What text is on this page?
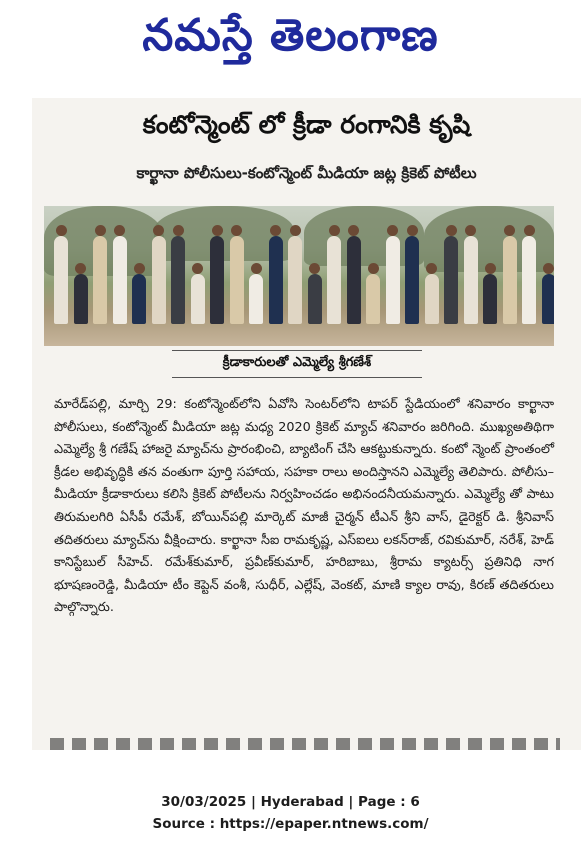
నమస్తే తెలంగాణ
కంటోన్మెంట్ లో క్రీడా రంగానికి కృషి
కార్ఖానా పోలీసులు-కంటోన్మెంట్ మీడియా జట్ల క్రికెట్ పోటీలు
క్రీడాకారులతో ఎమ్మెల్యే శ్రీగణేశ్
మారేడ్‌పల్లి, మార్చి 29: కంటోన్మెంట్‌లోని ఏవోసి సెంటర్‌లోని టాపర్ స్టేడియంలో శనివారం కార్ఖానా పోలీసులు, కంటోన్మెంట్ మీడియా జట్ల మధ్య 2020 క్రికెట్ మ్యాచ్ శనివారం జరిగింది. ముఖ్యఅతిథిగా ఎమ్మెల్యే శ్రీ గణేష్ హాజరై మ్యాచ్‌ను ప్రారంభించి, బ్యాటింగ్ చేసి ఆకట్టుకున్నారు. కంటో న్మెంట్ ప్రాంతంలో క్రీడల అభివృద్ధికి తన వంతుగా పూర్తి సహాయ, సహకా రాలు అందిస్తానని ఎమ్మెల్యే తెలిపారు. పోలీసు–మీడియా క్రీడాకారులు కలిసి క్రికెట్ పోటీలను నిర్వహించడం అభినందనీయమన్నారు. ఎమ్మెల్యే తో పాటు తిరుమలగిరి ఏసీపీ రమేశ్, బోయిన్‌పల్లి మార్కెట్ మాజీ చైర్మన్ టీఎన్ శ్రీని వాస్, డైరెక్టర్ డి. శ్రీనివాస్ తదితరులు మ్యాచ్‌ను వీక్షించారు. కార్ఖానా సీఐ రామకృష్ణ, ఎస్ఐలు లకన్‌రాజ్, రవికుమార్, నరేశ్, హెడ్ కానిస్టేబుల్ సీహెచ్. రమేశ్‌కుమార్, ప్రవీణ్‌కుమార్, హరిబాబు, శ్రీరామ క్యాటర్స్ ప్రతినిధి నాగ భూషణంరెడ్డి, మీడియా టీం కెప్టెన్ వంశీ, సుధీర్, ఎల్లేష్, వెంకట్, మాణి క్యాల రావు, కిరణ్ తదితరులు పాల్గొన్నారు.
30/03/2025 | Hyderabad | Page : 6
Source : https://epaper.ntnews.com/
